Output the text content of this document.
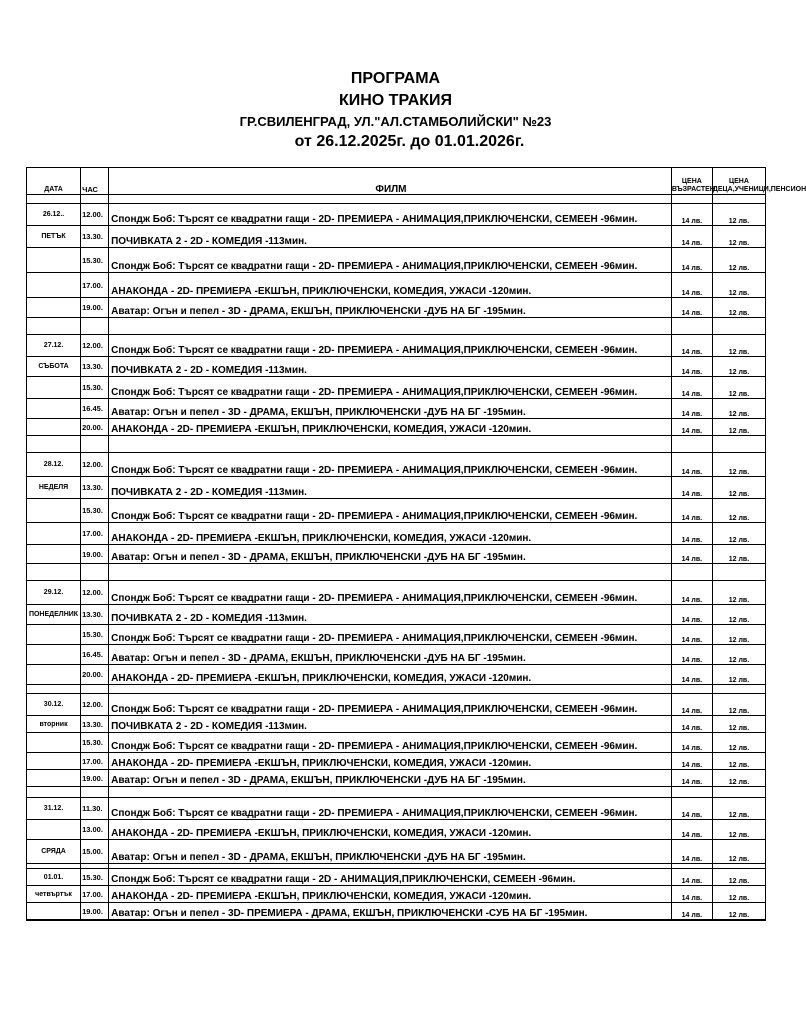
ПРОГРАМА
КИНО ТРАКИЯ
ГР.СВИЛЕНГРАД, УЛ."АЛ.СТАМБОЛИЙСКИ" №23
от 26.12.2025г. до 01.01.2026г.
ДАТА	ЧАС	ФИЛМ	ЦЕНА ВЪЗРАСТЕН	ЦЕНА ДЕЦА,УЧЕНИЦИ,ПЕНСИОН

26.12..	12.00.	Спондж Боб: Търсят се квадратни гащи - 2D- ПРЕМИЕРА - АНИМАЦИЯ,ПРИКЛЮЧЕНСКИ, СЕМЕЕН -96мин.	14 лв.	12 лв.
ПЕТЪК	13.30.	ПОЧИВКАТА 2 - 2D - КОМЕДИЯ -113мин.	14 лв.	12 лв.
	15.30.	Спондж Боб: Търсят се квадратни гащи - 2D- ПРЕМИЕРА - АНИМАЦИЯ,ПРИКЛЮЧЕНСКИ, СЕМЕЕН -96мин.	14 лв.	12 лв.
	17.00.	АНАКОНДА - 2D- ПРЕМИЕРА -ЕКШЪН, ПРИКЛЮЧЕНСКИ, КОМЕДИЯ, УЖАСИ -120мин.	14 лв.	12 лв.
	19.00.	Аватар: Огън и пепел - 3D - ДРАМА, ЕКШЪН, ПРИКЛЮЧЕНСКИ -ДУБ НА БГ -195мин.	14 лв.	12 лв.

27.12.	12.00.	Спондж Боб: Търсят се квадратни гащи - 2D- ПРЕМИЕРА - АНИМАЦИЯ,ПРИКЛЮЧЕНСКИ, СЕМЕЕН -96мин.	14 лв.	12 лв.
СЪБОТА	13.30.	ПОЧИВКАТА 2 - 2D - КОМЕДИЯ -113мин.	14 лв.	12 лв.
	15.30.	Спондж Боб: Търсят се квадратни гащи - 2D- ПРЕМИЕРА - АНИМАЦИЯ,ПРИКЛЮЧЕНСКИ, СЕМЕЕН -96мин.	14 лв.	12 лв.
	16.45.	Аватар: Огън и пепел - 3D - ДРАМА, ЕКШЪН, ПРИКЛЮЧЕНСКИ -ДУБ НА БГ -195мин.	14 лв.	12 лв.
	20.00.	АНАКОНДА - 2D- ПРЕМИЕРА -ЕКШЪН, ПРИКЛЮЧЕНСКИ, КОМЕДИЯ, УЖАСИ -120мин.	14 лв.	12 лв.

28.12.	12.00.	Спондж Боб: Търсят се квадратни гащи - 2D- ПРЕМИЕРА - АНИМАЦИЯ,ПРИКЛЮЧЕНСКИ, СЕМЕЕН -96мин.	14 лв.	12 лв.
НЕДЕЛЯ	13.30.	ПОЧИВКАТА 2 - 2D - КОМЕДИЯ -113мин.	14 лв.	12 лв.
	15.30.	Спондж Боб: Търсят се квадратни гащи - 2D- ПРЕМИЕРА - АНИМАЦИЯ,ПРИКЛЮЧЕНСКИ, СЕМЕЕН -96мин.	14 лв.	12 лв.
	17.00.	АНАКОНДА - 2D- ПРЕМИЕРА -ЕКШЪН, ПРИКЛЮЧЕНСКИ, КОМЕДИЯ, УЖАСИ -120мин.	14 лв.	12 лв.
	19.00.	Аватар: Огън и пепел - 3D - ДРАМА, ЕКШЪН, ПРИКЛЮЧЕНСКИ -ДУБ НА БГ -195мин.	14 лв.	12 лв.

29.12.	12.00.	Спондж Боб: Търсят се квадратни гащи - 2D- ПРЕМИЕРА - АНИМАЦИЯ,ПРИКЛЮЧЕНСКИ, СЕМЕЕН -96мин.	14 лв.	12 лв.
ПОНЕДЕЛНИК	13.30.	ПОЧИВКАТА 2 - 2D - КОМЕДИЯ -113мин.	14 лв.	12 лв.
	15.30.	Спондж Боб: Търсят се квадратни гащи - 2D- ПРЕМИЕРА - АНИМАЦИЯ,ПРИКЛЮЧЕНСКИ, СЕМЕЕН -96мин.	14 лв.	12 лв.
	16.45.	Аватар: Огън и пепел - 3D - ДРАМА, ЕКШЪН, ПРИКЛЮЧЕНСКИ -ДУБ НА БГ -195мин.	14 лв.	12 лв.
	20.00.	АНАКОНДА - 2D- ПРЕМИЕРА -ЕКШЪН, ПРИКЛЮЧЕНСКИ, КОМЕДИЯ, УЖАСИ -120мин.	14 лв.	12 лв.

30.12.	12.00.	Спондж Боб: Търсят се квадратни гащи - 2D- ПРЕМИЕРА - АНИМАЦИЯ,ПРИКЛЮЧЕНСКИ, СЕМЕЕН -96мин.	14 лв.	12 лв.
вторник	13.30.	ПОЧИВКАТА 2 - 2D - КОМЕДИЯ -113мин.	14 лв.	12 лв.
	15.30.	Спондж Боб: Търсят се квадратни гащи - 2D- ПРЕМИЕРА - АНИМАЦИЯ,ПРИКЛЮЧЕНСКИ, СЕМЕЕН -96мин.	14 лв.	12 лв.
	17.00.	АНАКОНДА - 2D- ПРЕМИЕРА -ЕКШЪН, ПРИКЛЮЧЕНСКИ, КОМЕДИЯ, УЖАСИ -120мин.	14 лв.	12 лв.
	19.00.	Аватар: Огън и пепел - 3D - ДРАМА, ЕКШЪН, ПРИКЛЮЧЕНСКИ -ДУБ НА БГ -195мин.	14 лв.	12 лв.

31.12.	11.30.	Спондж Боб: Търсят се квадратни гащи - 2D- ПРЕМИЕРА - АНИМАЦИЯ,ПРИКЛЮЧЕНСКИ, СЕМЕЕН -96мин.	14 лв.	12 лв.
	13.00.	АНАКОНДА - 2D- ПРЕМИЕРА -ЕКШЪН, ПРИКЛЮЧЕНСКИ, КОМЕДИЯ, УЖАСИ -120мин.	14 лв.	12 лв.
СРЯДА	15.00.	Аватар: Огън и пепел - 3D - ДРАМА, ЕКШЪН, ПРИКЛЮЧЕНСКИ -ДУБ НА БГ -195мин.	14 лв.	12 лв.

01.01.	15.30.	Спондж Боб: Търсят се квадратни гащи - 2D - АНИМАЦИЯ,ПРИКЛЮЧЕНСКИ, СЕМЕЕН -96мин.	14 лв.	12 лв.
четвъртък	17.00.	АНАКОНДА - 2D- ПРЕМИЕРА -ЕКШЪН, ПРИКЛЮЧЕНСКИ, КОМЕДИЯ, УЖАСИ -120мин.	14 лв.	12 лв.
	19.00.	Аватар: Огън и пепел - 3D- ПРЕМИЕРА - ДРАМА, ЕКШЪН, ПРИКЛЮЧЕНСКИ -СУБ НА БГ -195мин.	14 лв.	12 лв.
